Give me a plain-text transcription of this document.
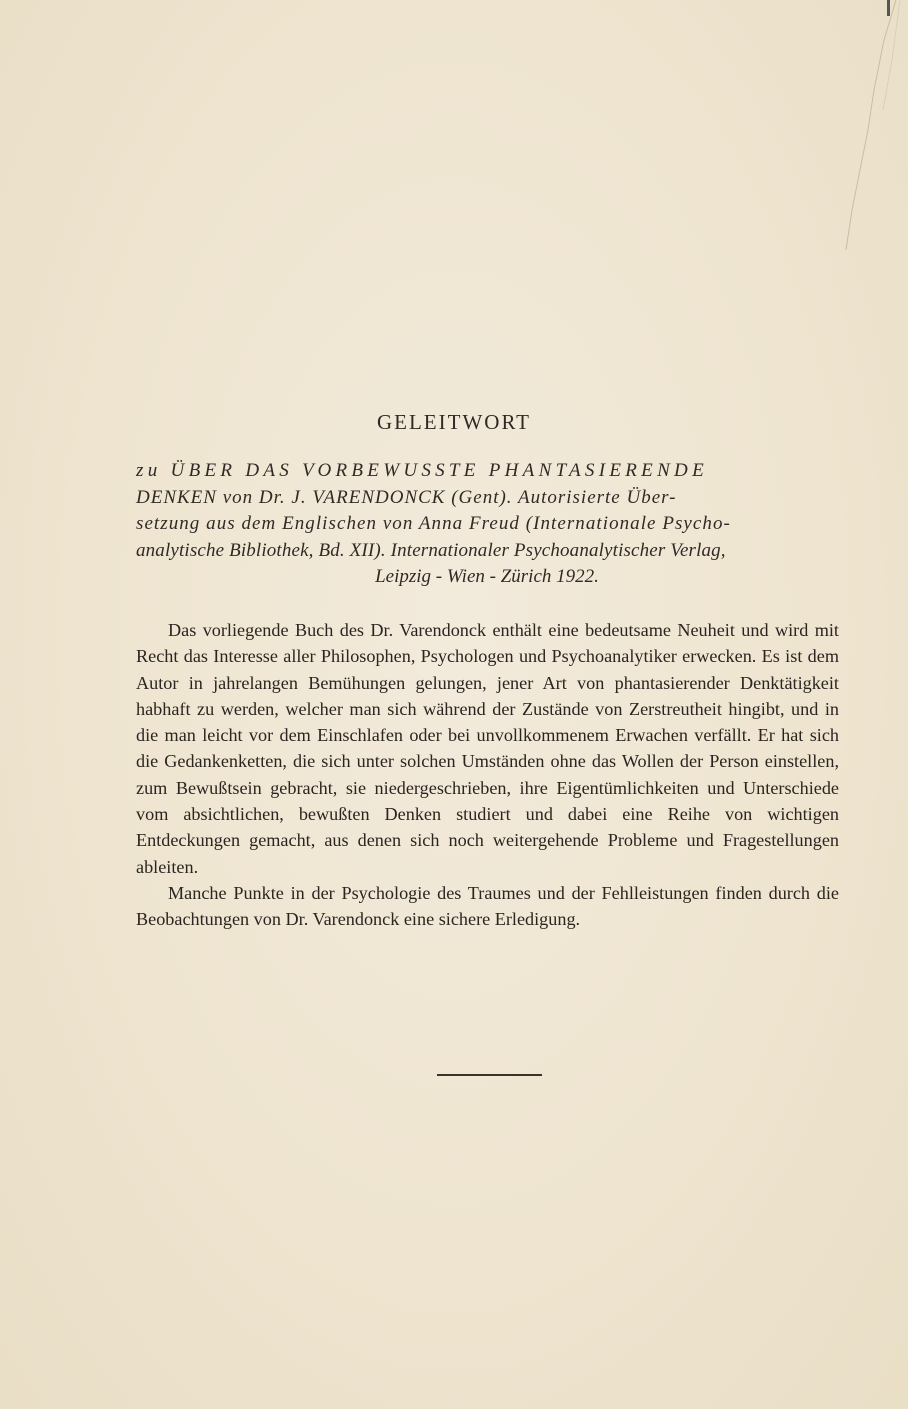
GELEITWORT
zu ÜBER DAS VORBEWUSSTE PHANTASIERENDE
DENKEN von Dr. J. VARENDONCK (Gent). Autorisierte Über-
setzung aus dem Englischen von Anna Freud (Internationale Psycho-
analytische Bibliothek, Bd. XII). Internationaler Psychoanalytischer Verlag,
Leipzig - Wien - Zürich 1922.

Das vorliegende Buch des Dr. Varendonck enthält eine bedeutsame Neuheit und wird mit Recht das Interesse aller Philosophen, Psychologen und Psychoanalytiker erwecken. Es ist dem Autor in jahrelangen Bemühungen gelungen, jener Art von phantasierender Denktätigkeit habhaft zu werden, welcher man sich während der Zustände von Zerstreutheit hingibt, und in die man leicht vor dem Einschlafen oder bei unvollkommenem Erwachen verfällt. Er hat sich die Gedankenketten, die sich unter solchen Umständen ohne das Wollen der Person einstellen, zum Bewußtsein gebracht, sie niedergeschrieben, ihre Eigentümlichkeiten und Unterschiede vom absichtlichen, bewußten Denken studiert und dabei eine Reihe von wichtigen Entdeckungen gemacht, aus denen sich noch weitergehende Probleme und Fragestellungen ableiten.

Manche Punkte in der Psychologie des Traumes und der Fehlleistungen finden durch die Beobachtungen von Dr. Varendonck eine sichere Erledigung.
